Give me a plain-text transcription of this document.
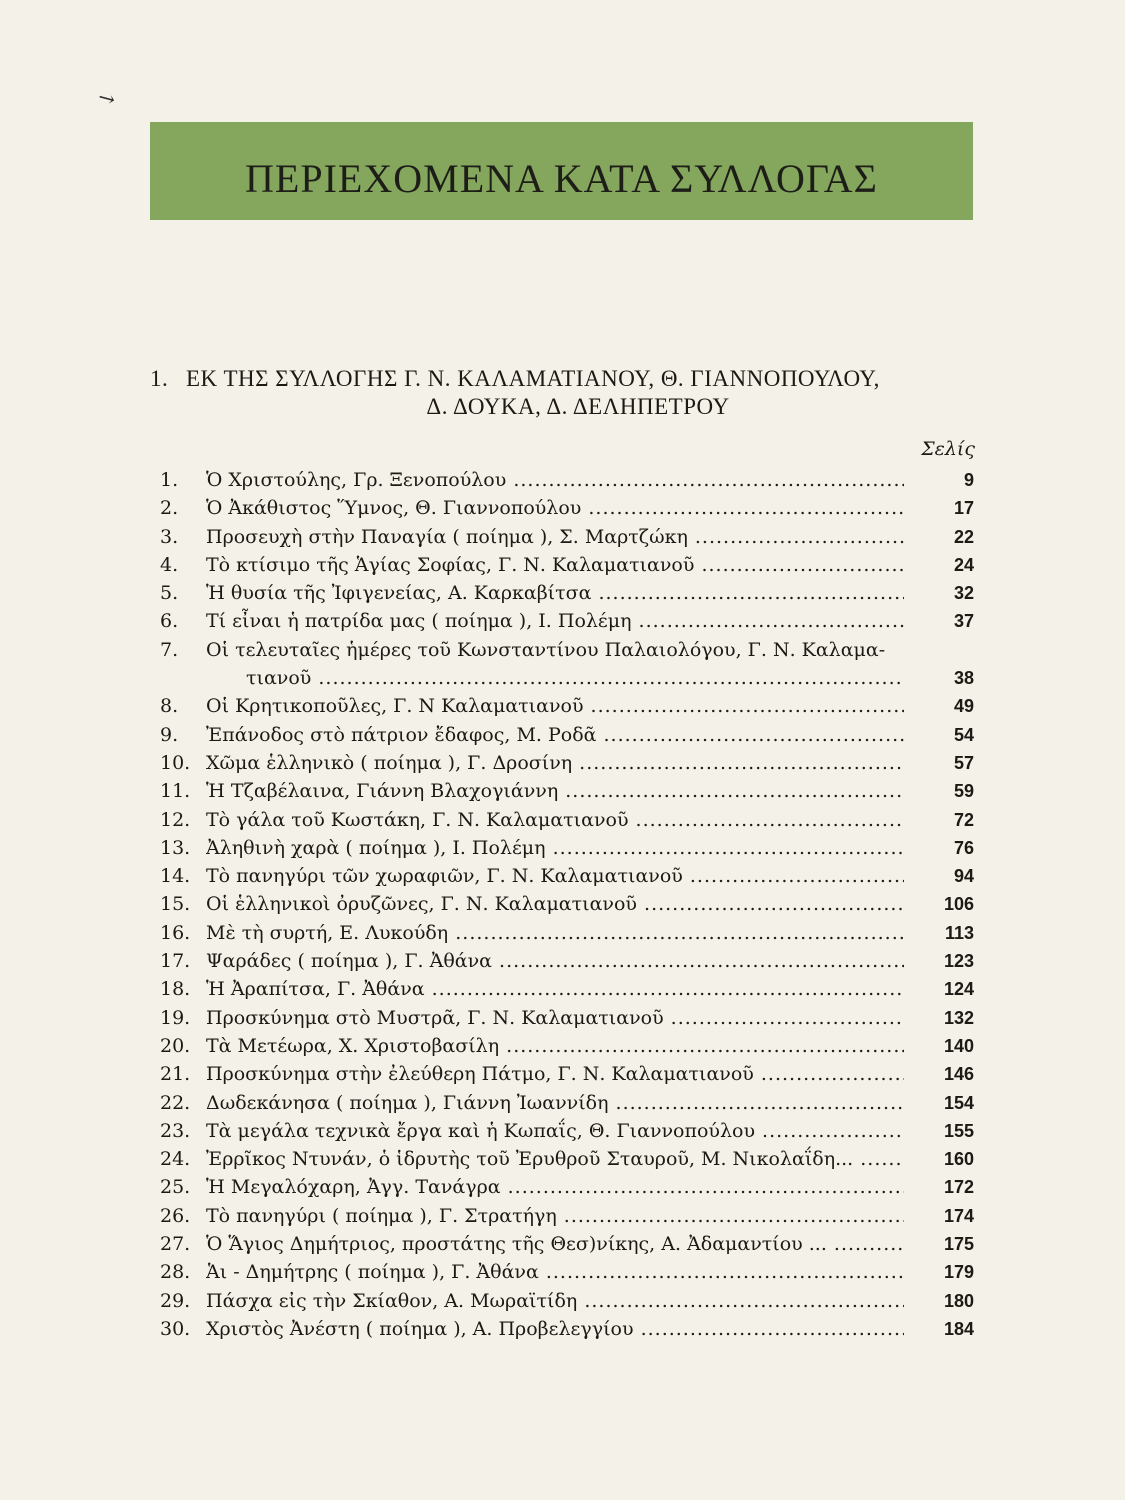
↘
ΠΕΡΙΕΧΟΜΕΝΑ ΚΑΤΑ ΣΥΛΛΟΓΑΣ
1. ΕΚ ΤΗΣ ΣΥΛΛΟΓΗΣ Γ. Ν. ΚΑΛΑΜΑΤΙΑΝΟΥ, Θ. ΓΙΑΝΝΟΠΟΥΛΟΥ,
Δ. ΔΟΥΚΑ, Δ. ΔΕΛΗΠΕΤΡΟΥ
Σελίς
1.	Ὁ Χριστούλης, Γρ. Ξενοπούλου .....	9
2.	Ὁ Ἀκάθιστος Ὕμνος, Θ. Γιαννοπούλου .....	17
3.	Προσευχὴ στὴν Παναγία ( ποίημα ), Σ. Μαρτζώκη .....	22
4.	Τὸ κτίσιμο τῆς Ἁγίας Σοφίας, Γ. Ν. Καλαματιανοῦ .....	24
5.	Ἡ θυσία τῆς Ἰφιγενείας, Α. Καρκαβίτσα .....	32
6.	Τί εἶναι ἡ πατρίδα μας ( ποίημα ), Ι. Πολέμη .....	37
7.	Οἱ τελευταῖες ἡμέρες τοῦ Κωνσταντίνου Παλαιολόγου, Γ. Ν. Καλαμα-
τιανοῦ .....	38
8.	Οἱ Κρητικοποῦλες, Γ. Ν Καλαματιανοῦ .....	49
9.	Ἐπάνοδος στὸ πάτριον ἔδαφος, Μ. Ροδᾶ .....	54
10. Χῶμα ἑλληνικὸ ( ποίημα ), Γ. Δροσίνη .....	57
11. Ἡ Τζαβέλαινα, Γιάννη Βλαχογιάννη .....	59
12. Τὸ γάλα τοῦ Κωστάκη, Γ. Ν. Καλαματιανοῦ .....	72
13. Ἀληθινὴ χαρὰ ( ποίημα ), Ι. Πολέμη .....	76
14. Τὸ πανηγύρι τῶν χωραφιῶν, Γ. Ν. Καλαματιανοῦ .....	94
15. Οἱ ἑλληνικοὶ ὀρυζῶνες, Γ. Ν. Καλαματιανοῦ .....	106
16. Μὲ τὴ συρτή, Ε. Λυκούδη .....	113
17. Ψαράδες ( ποίημα ), Γ. Ἀθάνα .....	123
18. Ἡ Ἀραπίτσα, Γ. Ἀθάνα .....	124
19. Προσκύνημα στὸ Μυστρᾶ, Γ. Ν. Καλαματιανοῦ .....	132
20. Τὰ Μετέωρα, Χ. Χριστοβασίλη .....	140
21. Προσκύνημα στὴν ἐλεύθερη Πάτμο, Γ. Ν. Καλαματιανοῦ .....	146
22. Δωδεκάνησα ( ποίημα ), Γιάννη Ἰωαννίδη .....	154
23. Τὰ μεγάλα τεχνικὰ ἔργα καὶ ἡ Κωπαΐς, Θ. Γιαννοπούλου .....	155
24. Ἐρρῖκος Ντυνάν, ὁ ἱδρυτὴς τοῦ Ἐρυθροῦ Σταυροῦ, Μ. Νικολαΐδη... .....	160
25. Ἡ Μεγαλόχαρη, Ἀγγ. Τανάγρα .....	172
26. Τὸ πανηγύρι ( ποίημα ), Γ. Στρατήγη .....	174
27. Ὁ Ἅγιος Δημήτριος, προστάτης τῆς Θεσ)νίκης, Α. Ἀδαμαντίου ... .....	175
28. Ἁι - Δημήτρης ( ποίημα ), Γ. Ἀθάνα .....	179
29. Πάσχα εἰς τὴν Σκίαθον, Α. Μωραϊτίδη .....	180
30. Χριστὸς Ἀνέστη ( ποίημα ), Α. Προβελεγγίου .....	184
